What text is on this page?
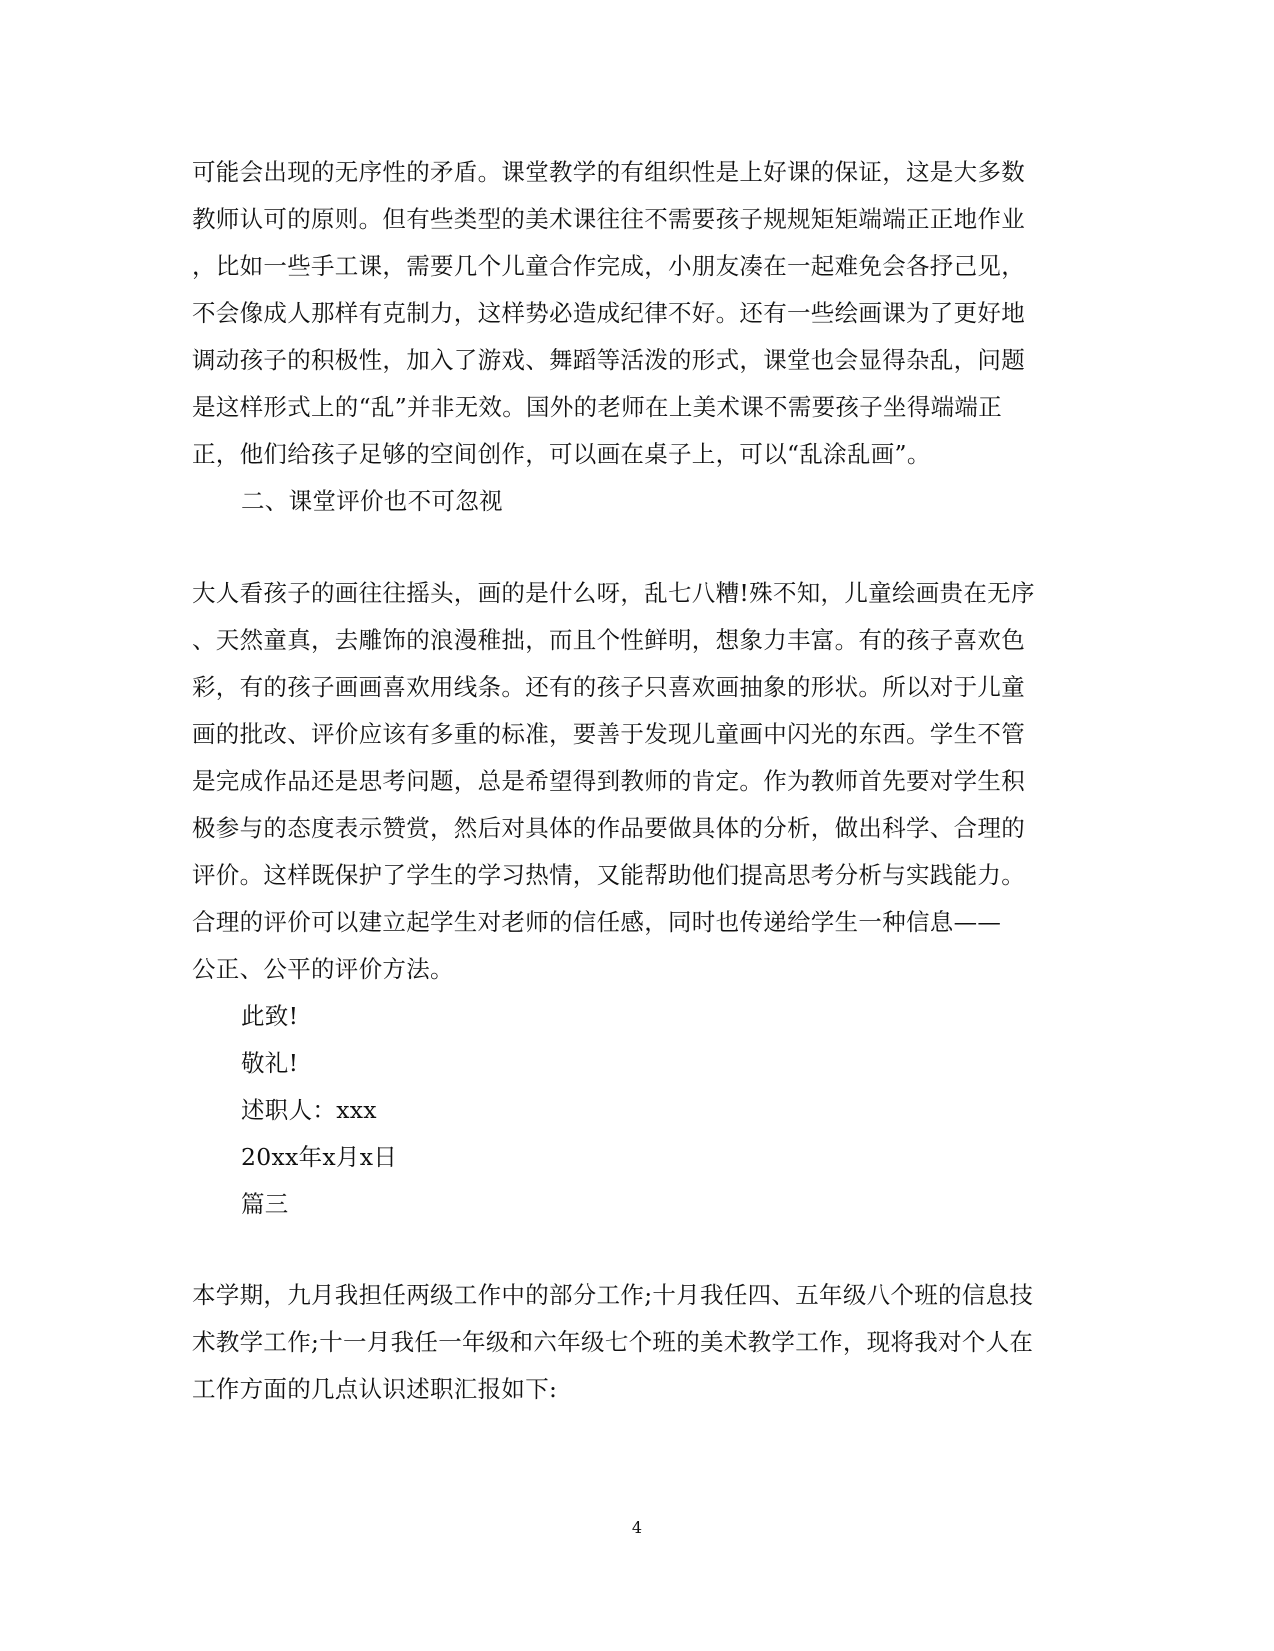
可能会出现的无序性的矛盾。课堂教学的有组织性是上好课的保证，这是大多数
教师认可的原则。但有些类型的美术课往往不需要孩子规规矩矩端端正正地作业
，比如一些手工课，需要几个儿童合作完成，小朋友凑在一起难免会各抒己见，
不会像成人那样有克制力，这样势必造成纪律不好。还有一些绘画课为了更好地
调动孩子的积极性，加入了游戏、舞蹈等活泼的形式，课堂也会显得杂乱，问题
是这样形式上的“乱”并非无效。国外的老师在上美术课不需要孩子坐得端端正
正，他们给孩子足够的空间创作，可以画在桌子上，可以“乱涂乱画”。
二、课堂评价也不可忽视
大人看孩子的画往往摇头，画的是什么呀，乱七八糟!殊不知，儿童绘画贵在无序
、天然童真，去雕饰的浪漫稚拙，而且个性鲜明，想象力丰富。有的孩子喜欢色
彩，有的孩子画画喜欢用线条。还有的孩子只喜欢画抽象的形状。所以对于儿童
画的批改、评价应该有多重的标准，要善于发现儿童画中闪光的东西。学生不管
是完成作品还是思考问题，总是希望得到教师的肯定。作为教师首先要对学生积
极参与的态度表示赞赏，然后对具体的作品要做具体的分析，做出科学、合理的
评价。这样既保护了学生的学习热情，又能帮助他们提高思考分析与实践能力。
合理的评价可以建立起学生对老师的信任感，同时也传递给学生一种信息——
公正、公平的评价方法。
此致!
敬礼!
述职人：xxx
20xx年x月x日
篇三
本学期，九月我担任两级工作中的部分工作;十月我任四、五年级八个班的信息技
术教学工作;十一月我任一年级和六年级七个班的美术教学工作，现将我对个人在
工作方面的几点认识述职汇报如下:
4
